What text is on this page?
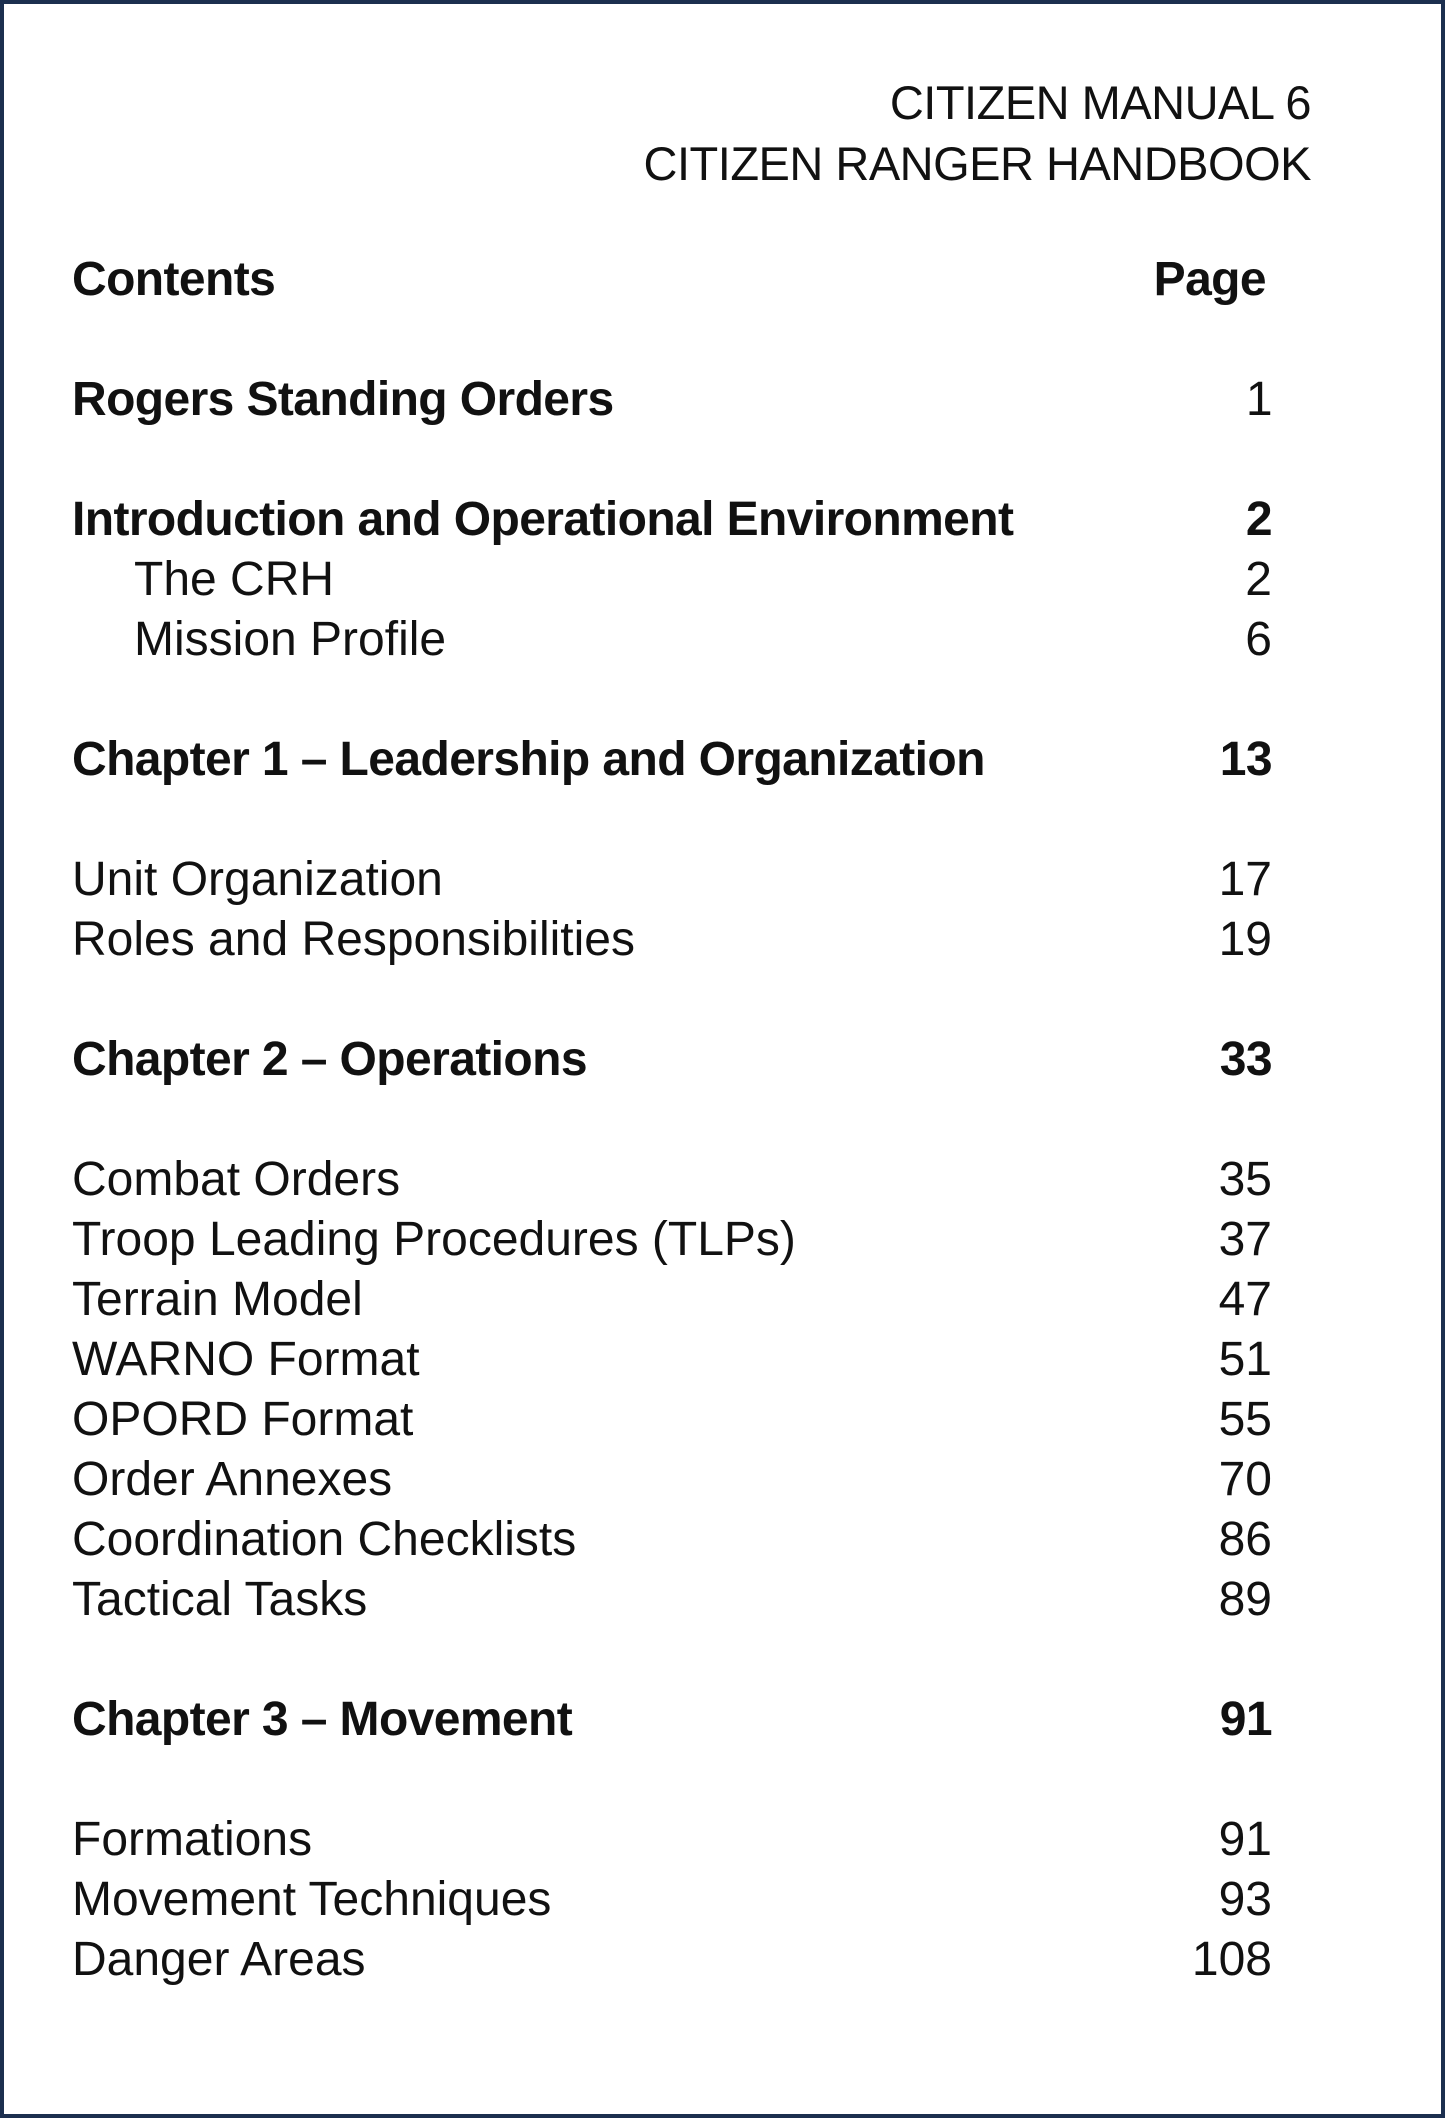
CITIZEN MANUAL 6
CITIZEN RANGER HANDBOOK
Contents	Page
Rogers Standing Orders	1
Introduction and Operational Environment	2
The CRH	2
Mission Profile	6
Chapter 1 – Leadership and Organization	13
Unit Organization	17
Roles and Responsibilities	19
Chapter 2 – Operations	33
Combat Orders	35
Troop Leading Procedures (TLPs)	37
Terrain Model	47
WARNO Format	51
OPORD Format	55
Order Annexes	70
Coordination Checklists	86
Tactical Tasks	89
Chapter 3 – Movement	91
Formations	91
Movement Techniques	93
Danger Areas	108
